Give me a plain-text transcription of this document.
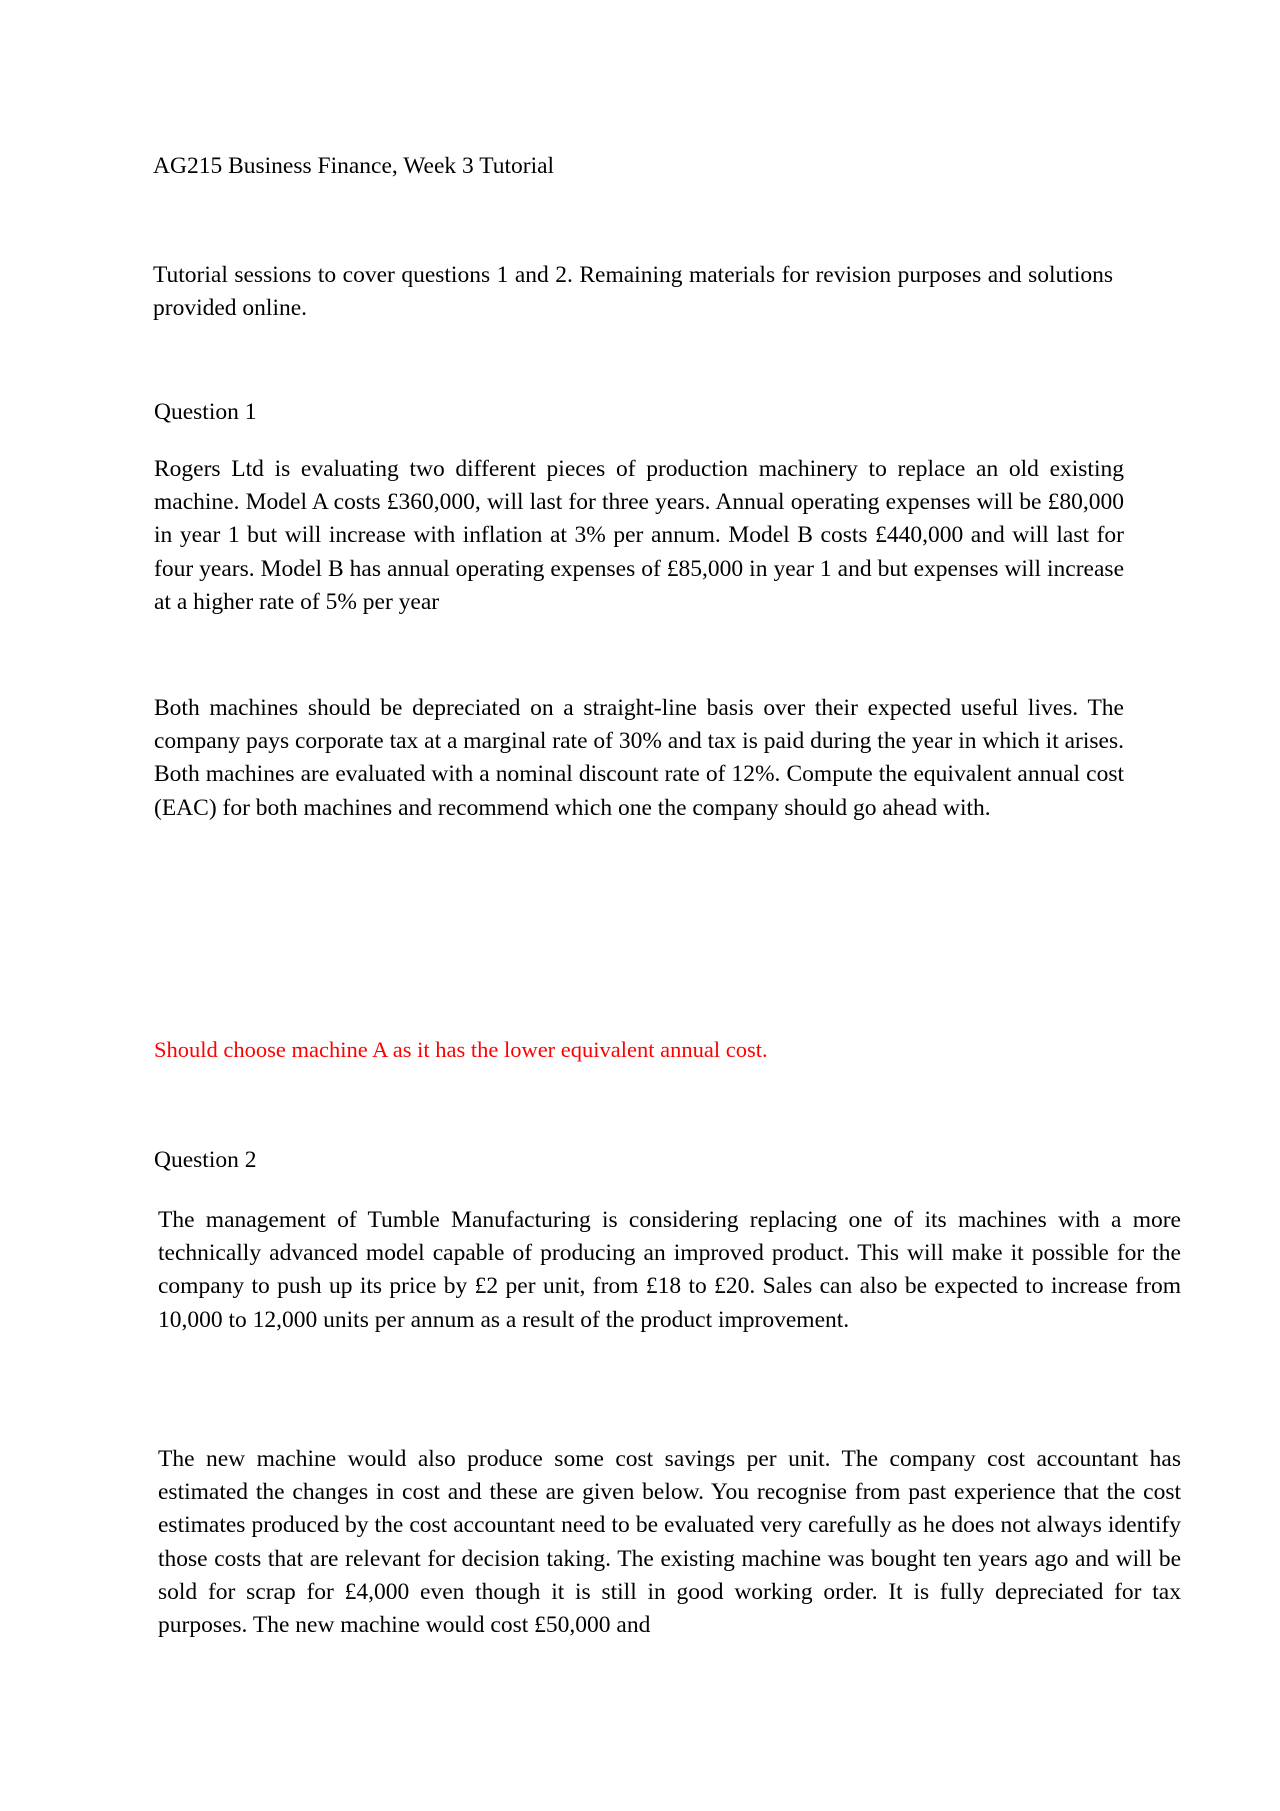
AG215 Business Finance, Week 3 Tutorial
Tutorial sessions to cover questions 1 and 2. Remaining materials for revision purposes and solutions provided online.
Question 1
Rogers Ltd is evaluating two different pieces of production machinery to replace an old existing machine. Model A costs £360,000, will last for three years. Annual operating expenses will be £80,000 in year 1 but will increase with inflation at 3% per annum. Model B costs £440,000 and will last for four years. Model B has annual operating expenses of £85,000 in year 1 and but expenses will increase at a higher rate of 5% per year
Both machines should be depreciated on a straight-line basis over their expected useful lives. The company pays corporate tax at a marginal rate of 30% and tax is paid during the year in which it arises. Both machines are evaluated with a nominal discount rate of 12%. Compute the equivalent annual cost (EAC) for both machines and recommend which one the company should go ahead with.
Should choose machine A as it has the lower equivalent annual cost.
Question 2
The management of Tumble Manufacturing is considering replacing one of its machines with a more technically advanced model capable of producing an improved product. This will make it possible for the company to push up its price by £2 per unit, from £18 to £20. Sales can also be expected to increase from 10,000 to 12,000 units per annum as a result of the product improvement.
The new machine would also produce some cost savings per unit. The company cost accountant has estimated the changes in cost and these are given below. You recognise from past experience that the cost estimates produced by the cost accountant need to be evaluated very carefully as he does not always identify those costs that are relevant for decision taking. The existing machine was bought ten years ago and will be sold for scrap for £4,000 even though it is still in good working order. It is fully depreciated for tax purposes. The new machine would cost £50,000 and
